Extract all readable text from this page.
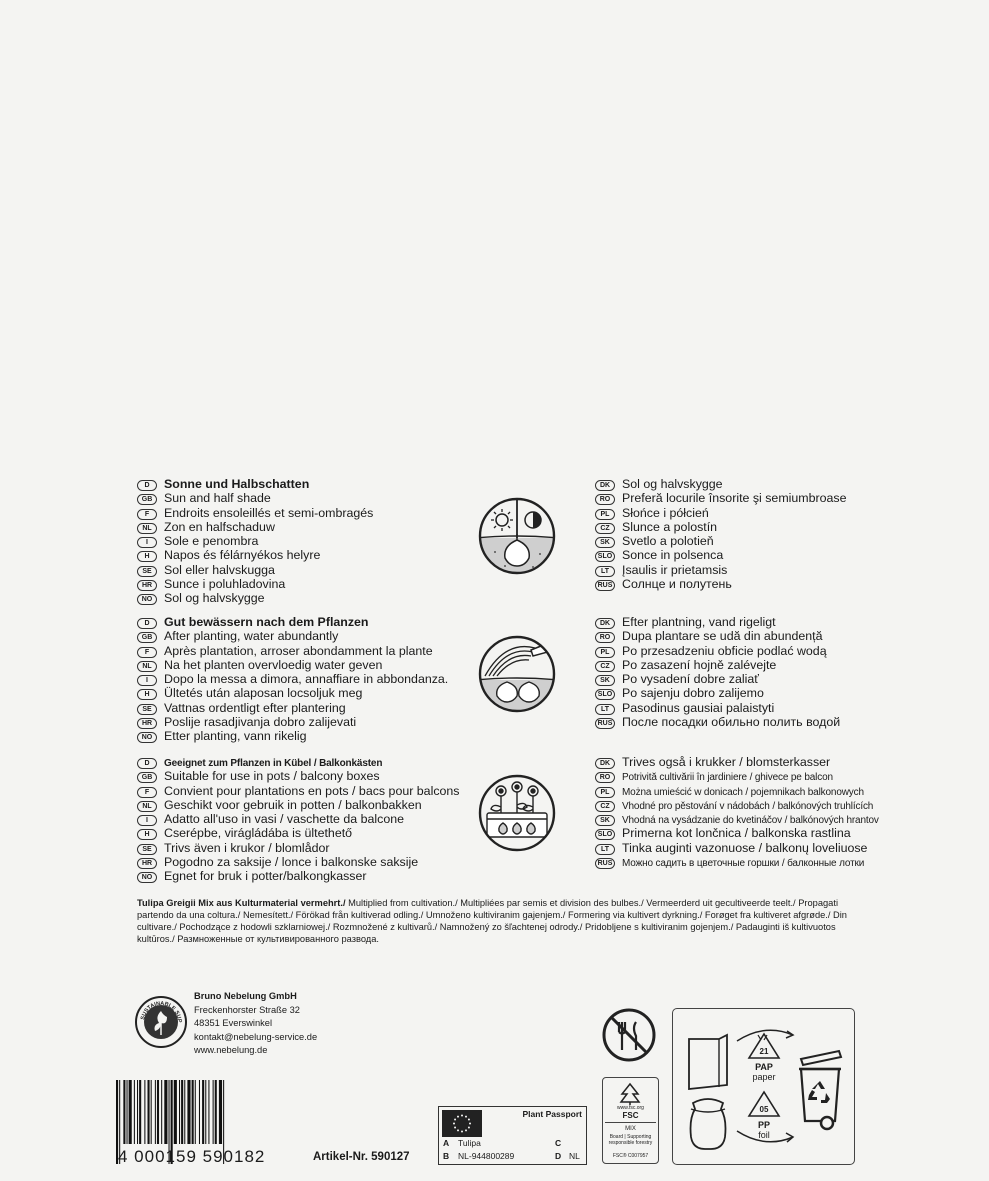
Tulipa Greigii Mix aus Kulturmaterial vermehrt./ Multiplied from cultivation./ Multipliées par semis et division des bulbes./ Vermeerderd uit gecultiveerde teelt./ Propagati partendo da una coltura./ Nemesített./ Förökad från kultiverad odling./ Umnoženo kultiviranim gajenjem./ Formering via kultivert dyrkning./ Forøget fra kultiveret afgrøde./ Din cultivare./ Pochodzące z hodowli szklarniowej./ Rozmnožené z kultivarů./ Namnožený zo šľachtenej odrody./ Pridobljene s kultiviranim gojenjem./ Padauginti iš kultivuotos kultūros./ Размноженные от культивированного развода.
SUSTAINABLE SUP
Bruno Nebelung GmbH
Freckenhorster Straße 32
48351 Everswinkel
kontakt@nebelung-service.de
www.nebelung.de
4 000159 590182	Artikel-Nr. 590127
Plant Passport
A Tulipa
B NL-944800289
C
D NL
www.fsc.org
FSC
MIX
Board | Supporting responsible forestry
FSC® C007957
21
PAP
paper
05
PP
foil
D Sonne und Halbschatten
GB Sun and half shade
F Endroits ensoleillés et semi-ombragés
NL Zon en halfschaduw
I Sole e penombra
H Napos és félárnyékos helyre
SE Sol eller halvskugga
HR Sunce i poluhladovina
NO Sol og halvskygge
DK Sol og halvskygge
RO Preferă locurile însorite şi semiumbroase
PL Słońce i półcień
CZ Slunce a polostín
SK Svetlo a polotieň
SLO Sonce in polsenca
LT Įsaulis ir prietamsis
RUS Солнце и полутень
D Gut bewässern nach dem Pflanzen
GB After planting, water abundantly
F Après plantation, arroser abondamment la plante
NL Na het planten overvloedig water geven
I Dopo la messa a dimora, annaffiare in abbondanza.
H Ültetés után alaposan locsoljuk meg
SE Vattnas ordentligt efter plantering
HR Poslije rasadjivanja dobro zalijevati
NO Etter planting, vann rikelig
DK Efter plantning, vand rigeligt
RO Dupa plantare se udă din abundență
PL Po przesadzeniu obficie podlać wodą
CZ Po zasazení hojně zalévejte
SK Po vysadení dobre zaliať
SLO Po sajenju dobro zalijemo
LT Pasodinus gausiai palaistyti
RUS После посадки обильно полить водой
D Geeignet zum Pflanzen in Kübel / Balkonkästen
GB Suitable for use in pots / balcony boxes
F Convient pour plantations en pots / bacs pour balcons
NL Geschikt voor gebruik in potten / balkonbakken
I Adatto all'uso in vasi / vaschette da balcone
H Cserépbe, virágládába is ültethető
SE Trivs även i krukor / blomlådor
HR Pogodno za saksije / lonce i balkonske saksije
NO Egnet for bruk i potter/balkongkasser
DK Trives også i krukker / blomsterkasser
RO Potrivită cultivării în jardiniere / ghivece pe balcon
PL Można umieścić w donicach / pojemnikach balkonowych
CZ Vhodné pro pěstování v nádobách / balkónových truhlících
SK Vhodná na vysádzanie do kvetináčov / balkónových hrantov
SLO Primerna kot lončnica / balkonska rastlina
LT Tinka auginti vazonuose / balkonų loveliuose
RUS Можно садить в цветочные горшки / балконные лотки
